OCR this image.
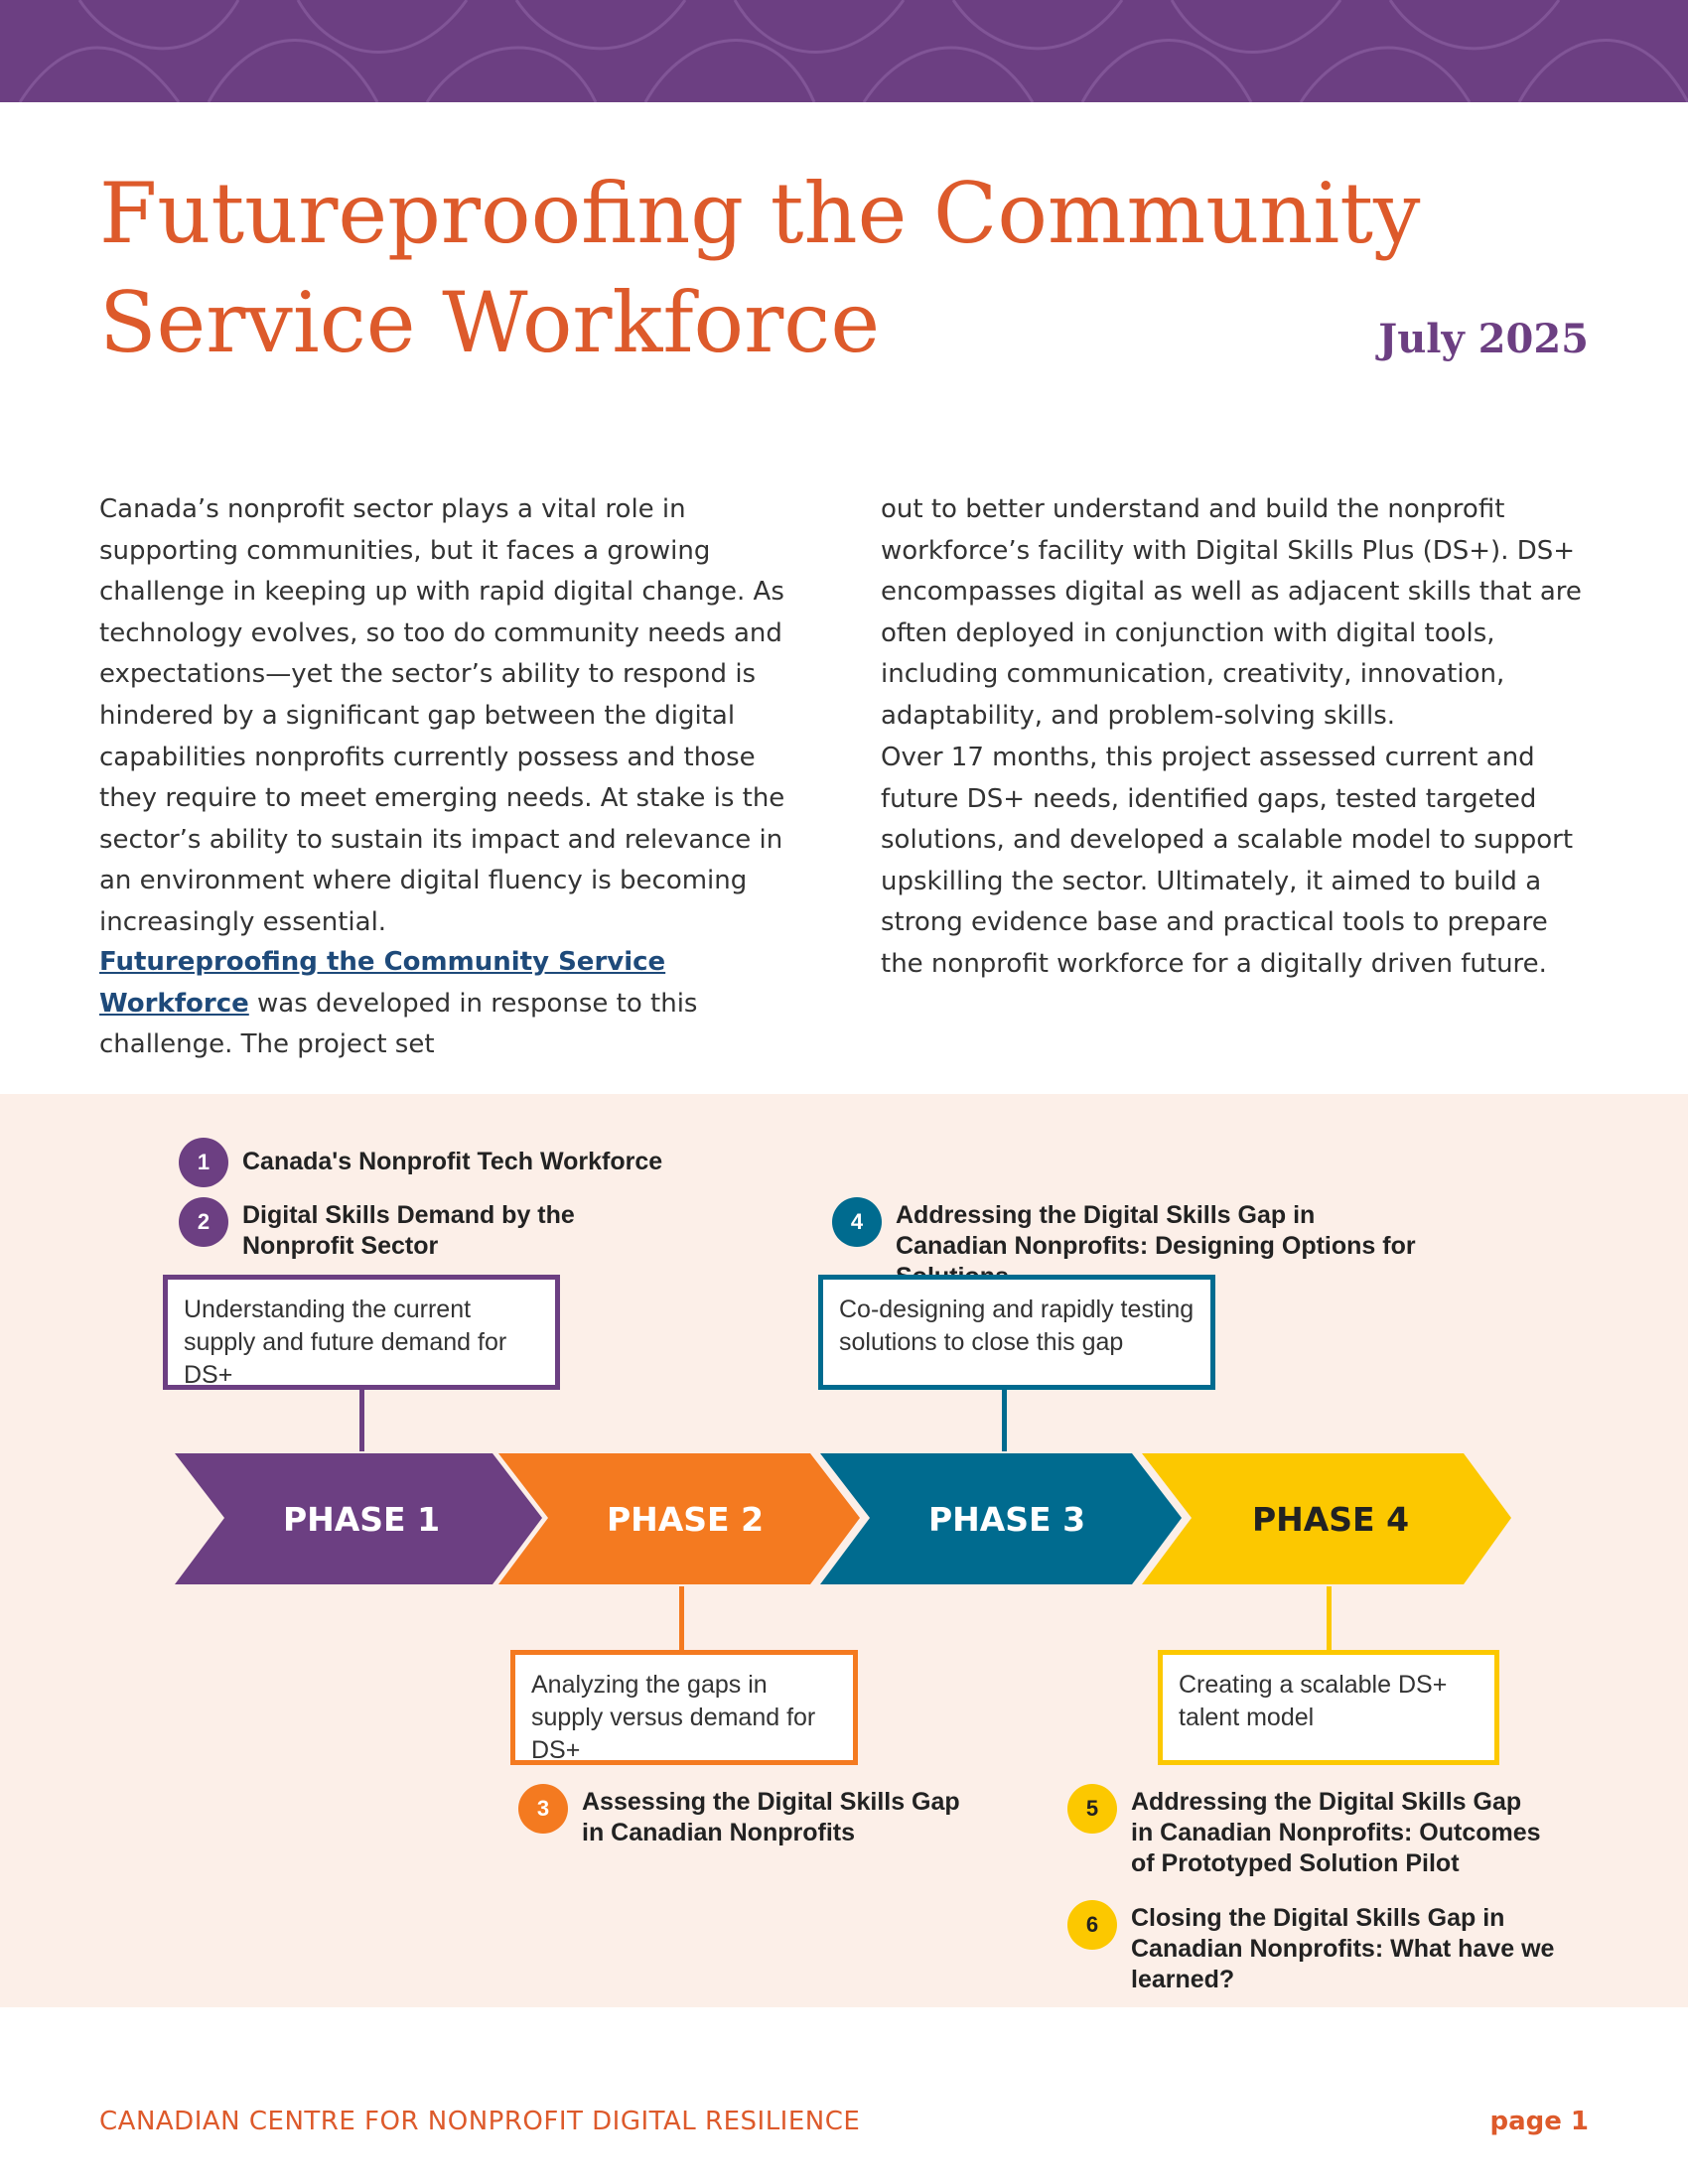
Futureproofing the Community
Service Workforce	July 2025

Canada’s nonprofit sector plays a vital role in supporting communities, but it faces a growing challenge in keeping up with rapid digital change. As technology evolves, so too do community needs and expectations—yet the sector’s ability to respond is hindered by a significant gap between the digital capabilities nonprofits currently possess and those they require to meet emerging needs. At stake is the sector’s ability to sustain its impact and relevance in an environment where digital fluency is becoming increasingly essential.

Futureproofing the Community Service Workforce was developed in response to this challenge. The project set

out to better understand and build the nonprofit workforce’s facility with Digital Skills Plus (DS+). DS+ encompasses digital as well as adjacent skills that are often deployed in conjunction with digital tools, including communication, creativity, innovation, adaptability, and problem-solving skills.

Over 17 months, this project assessed current and future DS+ needs, identified gaps, tested targeted solutions, and developed a scalable model to support upskilling the sector. Ultimately, it aimed to build a strong evidence base and practical tools to prepare the nonprofit workforce for a digitally driven future.

1	Canada's Nonprofit Tech Workforce
2	Digital Skills Demand by the Nonprofit Sector
4	Addressing the Digital Skills Gap in Canadian Nonprofits: Designing Options for
Understanding the current supply and future demand for DS+
Co-designing and rapidly testing solutions to close this gap
PHASE 1	PHASE 2	PHASE 3	PHASE 4
Analyzing the gaps in supply versus demand for DS+
Creating a scalable DS+ talent model
3	Assessing the Digital Skills Gap in Canadian Nonprofits
5	Addressing the Digital Skills Gap in Canadian Nonprofits: Outcomes of Prototyped Solution Pilot
6	Closing the Digital Skills Gap in Canadian Nonprofits: What have we learned?
CANADIAN CENTRE FOR NONPROFIT DIGITAL RESILIENCE	page 1
